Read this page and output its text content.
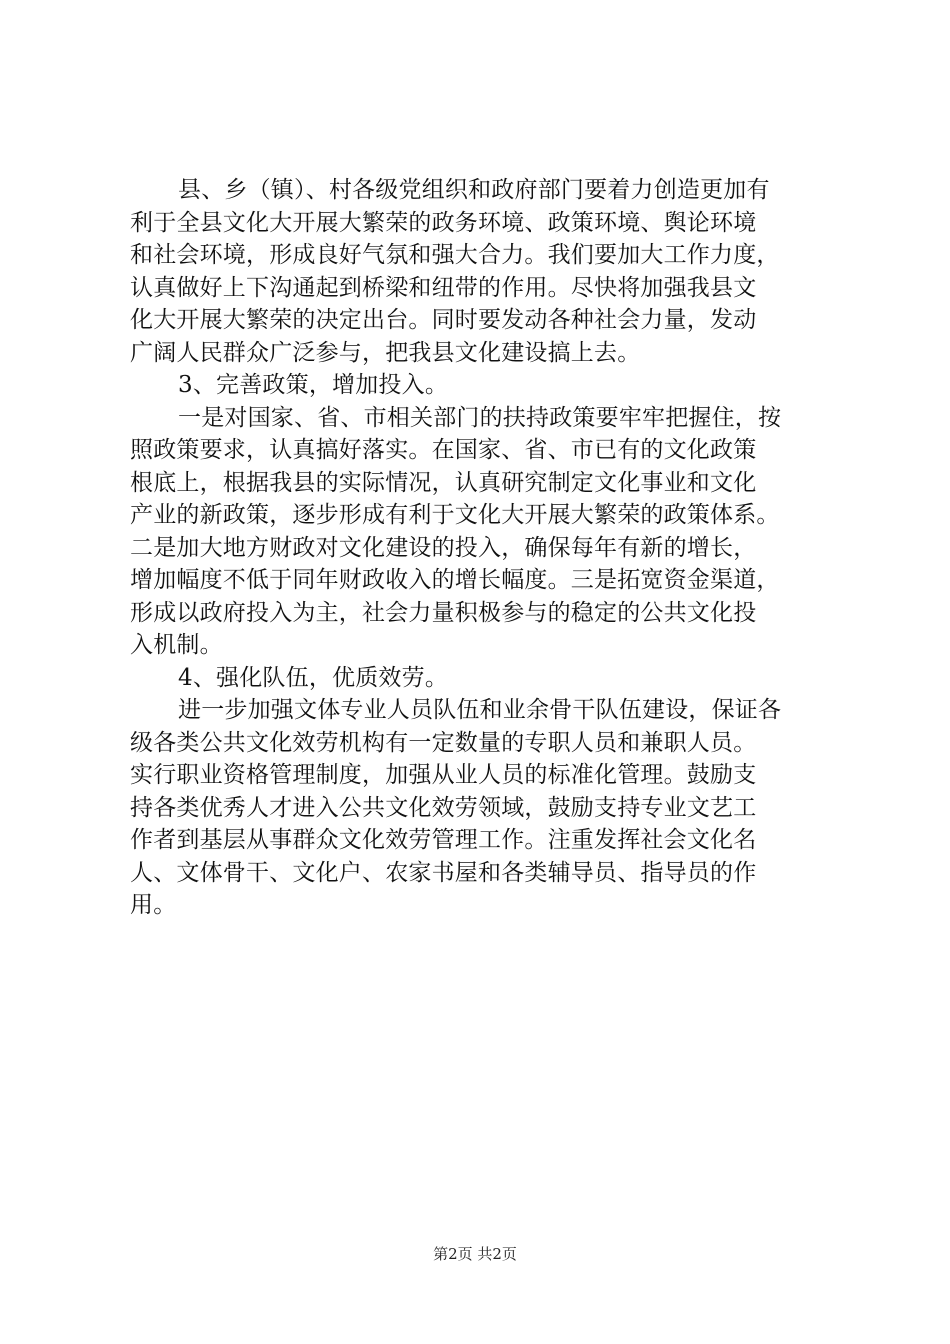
县、乡（镇）、村各级党组织和政府部门要着力创造更加有
利于全县文化大开展大繁荣的政务环境、政策环境、舆论环境
和社会环境，形成良好气氛和强大合力。我们要加大工作力度，
认真做好上下沟通起到桥梁和纽带的作用。尽快将加强我县文
化大开展大繁荣的决定出台。同时要发动各种社会力量，发动
广阔人民群众广泛参与，把我县文化建设搞上去。
3、完善政策，增加投入。
一是对国家、省、市相关部门的扶持政策要牢牢把握住，按
照政策要求，认真搞好落实。在国家、省、市已有的文化政策
根底上，根据我县的实际情况，认真研究制定文化事业和文化
产业的新政策，逐步形成有利于文化大开展大繁荣的政策体系。
二是加大地方财政对文化建设的投入，确保每年有新的增长，
增加幅度不低于同年财政收入的增长幅度。三是拓宽资金渠道，
形成以政府投入为主，社会力量积极参与的稳定的公共文化投
入机制。
4、强化队伍，优质效劳。
进一步加强文体专业人员队伍和业余骨干队伍建设，保证各
级各类公共文化效劳机构有一定数量的专职人员和兼职人员。
实行职业资格管理制度，加强从业人员的标准化管理。鼓励支
持各类优秀人才进入公共文化效劳领域，鼓励支持专业文艺工
作者到基层从事群众文化效劳管理工作。注重发挥社会文化名
人、文体骨干、文化户、农家书屋和各类辅导员、指导员的作
用。
第2页 共2页
